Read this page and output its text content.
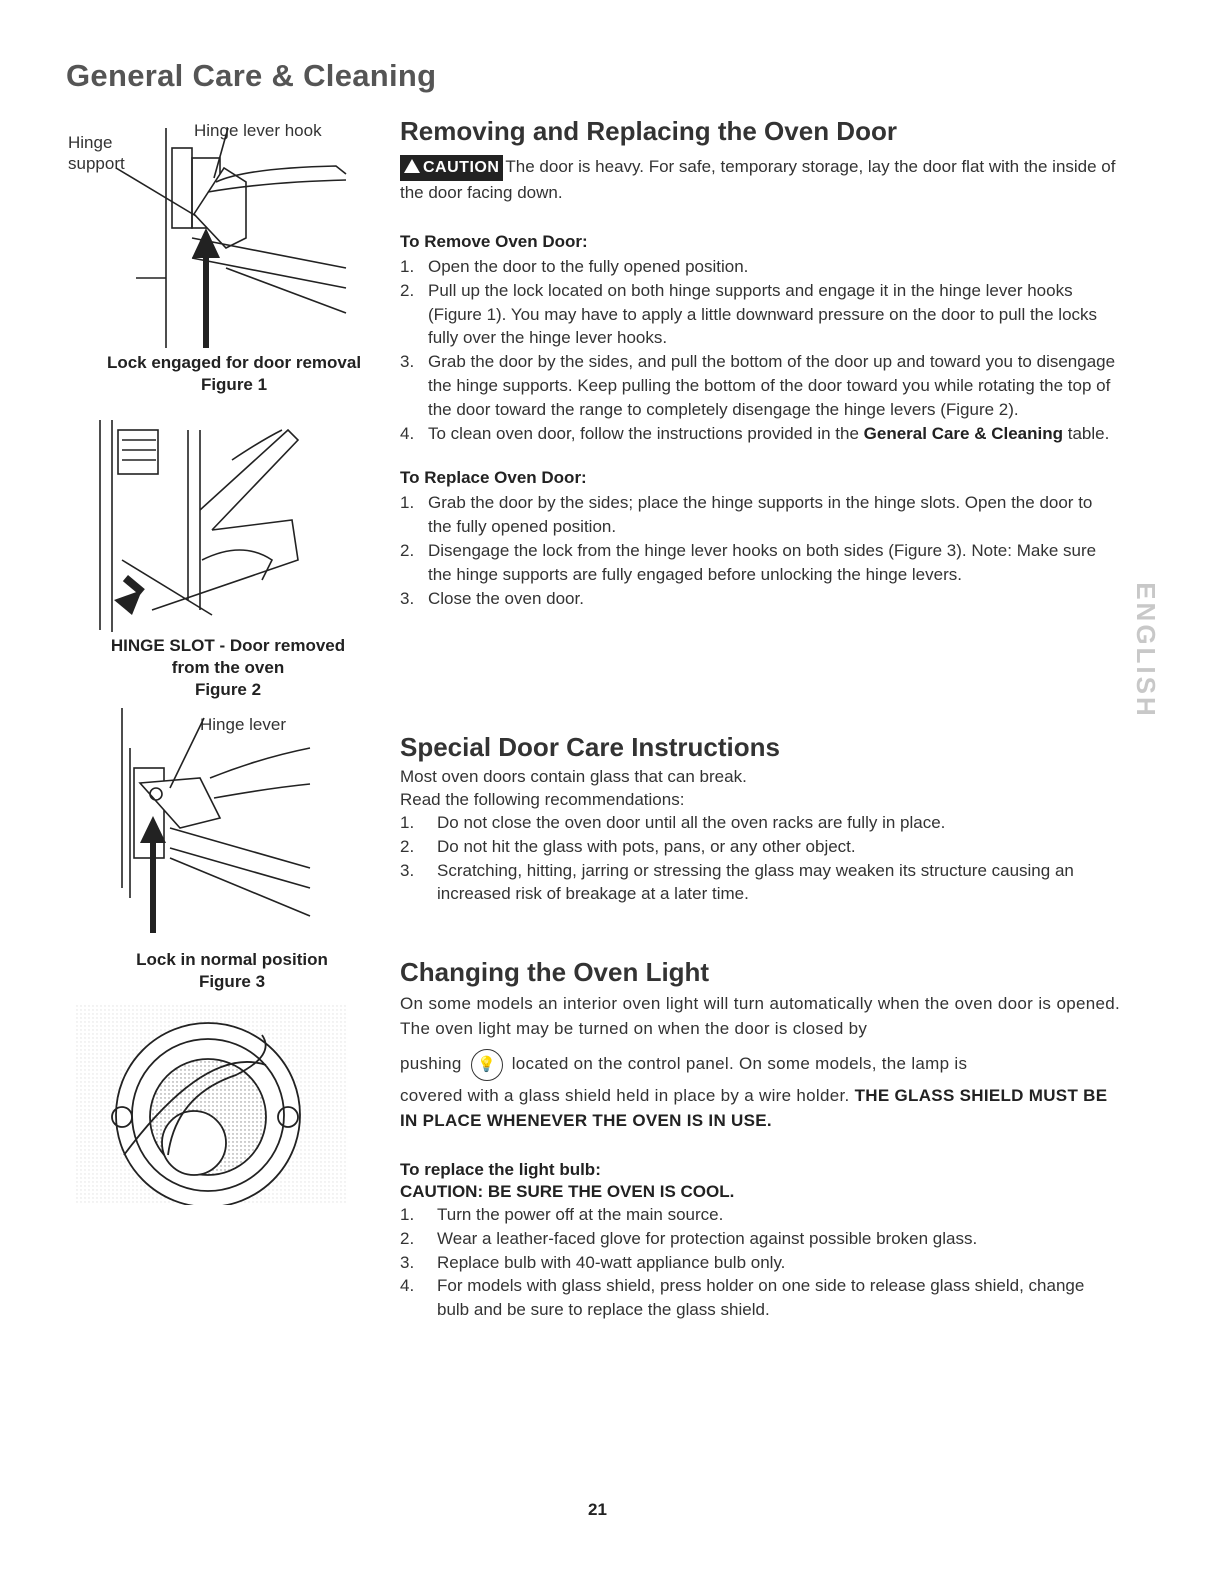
General Care & Cleaning
Hinge
support
Hinge lever hook
Lock engaged for door removal
Figure 1
HINGE SLOT - Door removed
from the oven
Figure 2
Hinge lever
Lock in normal position
Figure 3
Removing and Replacing the Oven Door

CAUTION The door is heavy. For safe, temporary storage, lay the door flat with the inside of the door facing down.

To Remove Oven Door:
1. Open the door to the fully opened position.
2. Pull up the lock located on both hinge supports and engage it in the hinge lever hooks (Figure 1). You may have to apply a little downward pressure on the door to pull the locks fully over the hinge lever hooks.
3. Grab the door by the sides, and pull the bottom of the door up and toward you to disengage the hinge supports. Keep pulling the bottom of the door toward you while rotating the top of the door toward the range to completely disengage the hinge levers (Figure 2).
4. To clean oven door, follow the instructions provided in the General Care & Cleaning table.
To Replace Oven Door:
1. Grab the door by the sides; place the hinge supports in the hinge slots. Open the door to the fully opened position.
2. Disengage the lock from the hinge lever hooks on both sides (Figure 3). Note: Make sure the hinge supports are fully engaged before unlocking the hinge levers.
3. Close the oven door.
Special Door Care Instructions

Most oven doors contain glass that can break.

Read the following recommendations:

1. Do not close the oven door until all the oven racks are fully in place.
2. Do not hit the glass with pots, pans, or any other object.
3. Scratching, hitting, jarring or stressing the glass may weaken its structure causing an increased risk of breakage at a later time.
Changing the Oven Light

On some models an interior oven light will turn automatically when the oven door is opened. The oven light may be turned on when the door is closed by

pushing 💡 located on the control panel. On some models, the lamp is

covered with a glass shield held in place by a wire holder. THE GLASS SHIELD MUST BE IN PLACE WHENEVER THE OVEN IS IN USE.

To replace the light bulb:
CAUTION: BE SURE THE OVEN IS COOL.
1. Turn the power off at the main source.
2. Wear a leather-faced glove for protection against possible broken glass.
3. Replace bulb with 40-watt appliance bulb only.
4. For models with glass shield, press holder on one side to release glass shield, change bulb and be sure to replace the glass shield.
ENGLISH
21
